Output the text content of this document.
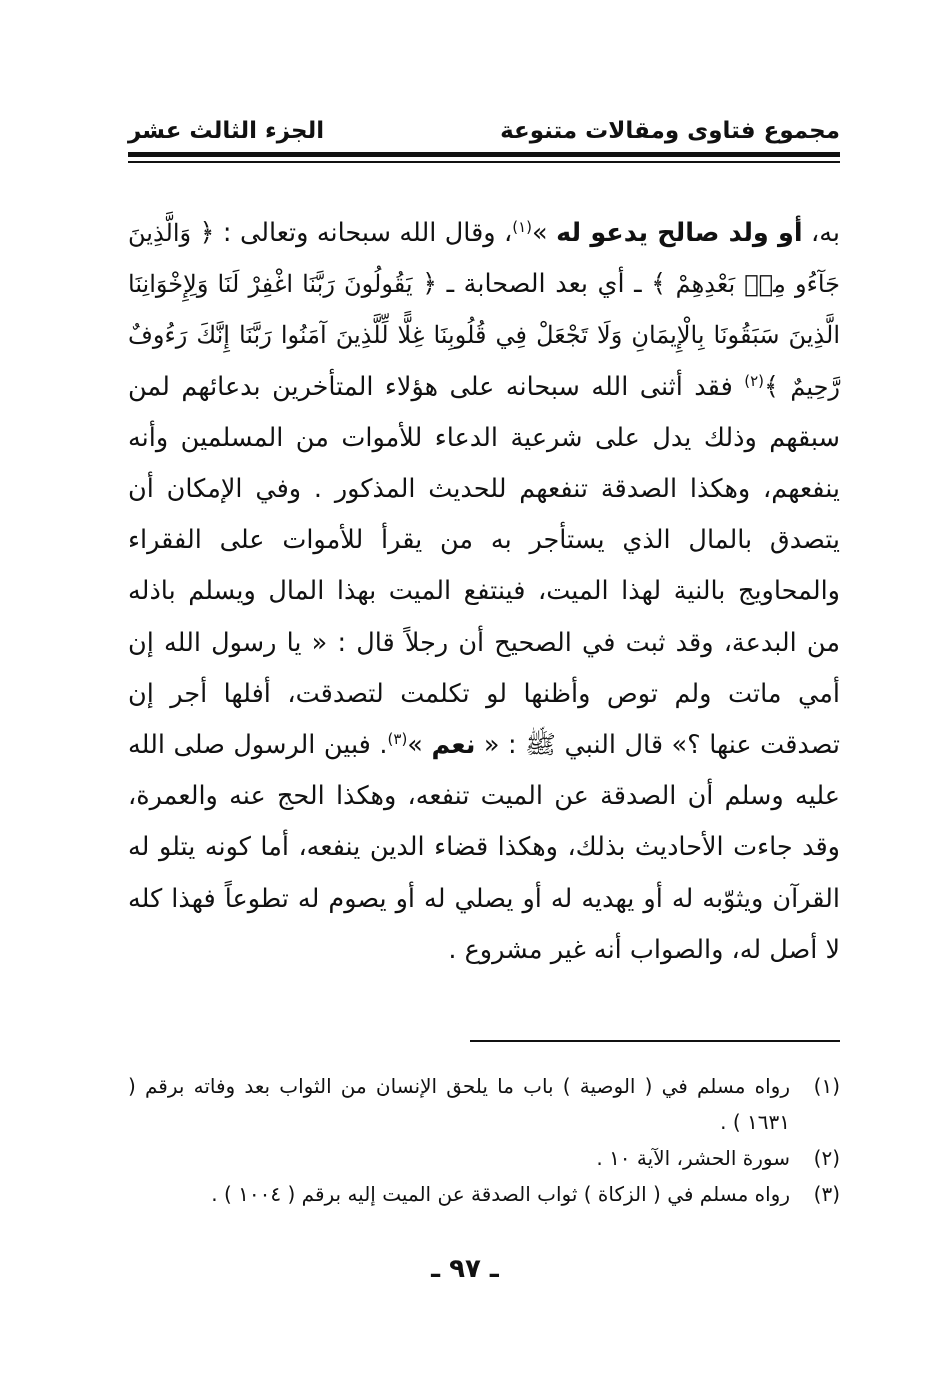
مجموع فتاوى ومقالات متنوعة
الجزء الثالث عشر

به، أو ولد صالح يدعو له »$^{(١)}$، وقال الله سبحانه وتعالى : ﴿ وَالَّذِينَ جَآءُو مِنۢ بَعْدِهِمْ ﴾ ـ أي بعد الصحابة ـ ﴿ يَقُولُونَ رَبَّنَا اغْفِرْ لَنَا وَلِإِخْوَانِنَا الَّذِينَ سَبَقُونَا بِالْإِيمَانِ وَلَا تَجْعَلْ فِي قُلُوبِنَا غِلًّا لِّلَّذِينَ آمَنُوا رَبَّنَا إِنَّكَ رَءُوفٌ رَّحِيمٌ ﴾$^{(٢)}$ فقد أثنى الله سبحانه على هؤلاء المتأخرين بدعائهم لمن سبقهم وذلك يدل على شرعية الدعاء للأموات من المسلمين وأنه ينفعهم، وهكذا الصدقة تنفعهم للحديث المذكور . وفي الإمكان أن يتصدق بالمال الذي يستأجر به من يقرأ للأموات على الفقراء والمحاويج بالنية لهذا الميت، فينتفع الميت بهذا المال ويسلم باذله من البدعة، وقد ثبت في الصحيح أن رجلاً قال : « يا رسول الله إن أمي ماتت ولم توص وأظنها لو تكلمت لتصدقت، أفلها أجر إن تصدقت عنها ؟» قال النبي ﷺ : « نعم »$^{(٣)}$. فبين الرسول صلى الله عليه وسلم أن الصدقة عن الميت تنفعه، وهكذا الحج عنه والعمرة، وقد جاءت الأحاديث بذلك، وهكذا قضاء الدين ينفعه، أما كونه يتلو له القرآن ويثوّبه له أو يهديه له أو يصلي له أو يصوم له تطوعاً فهذا كله لا أصل له، والصواب أنه غير مشروع .

(١)
رواه مسلم في ( الوصية ) باب ما يلحق الإنسان من الثواب بعد وفاته برقم ( ١٦٣١ ) .
(٢)
سورة الحشر، الآية ١٠ .
(٣)
رواه مسلم في ( الزكاة ) ثواب الصدقة عن الميت إليه برقم ( ١٠٠٤ ) .
ـ ٩٧ ـ
